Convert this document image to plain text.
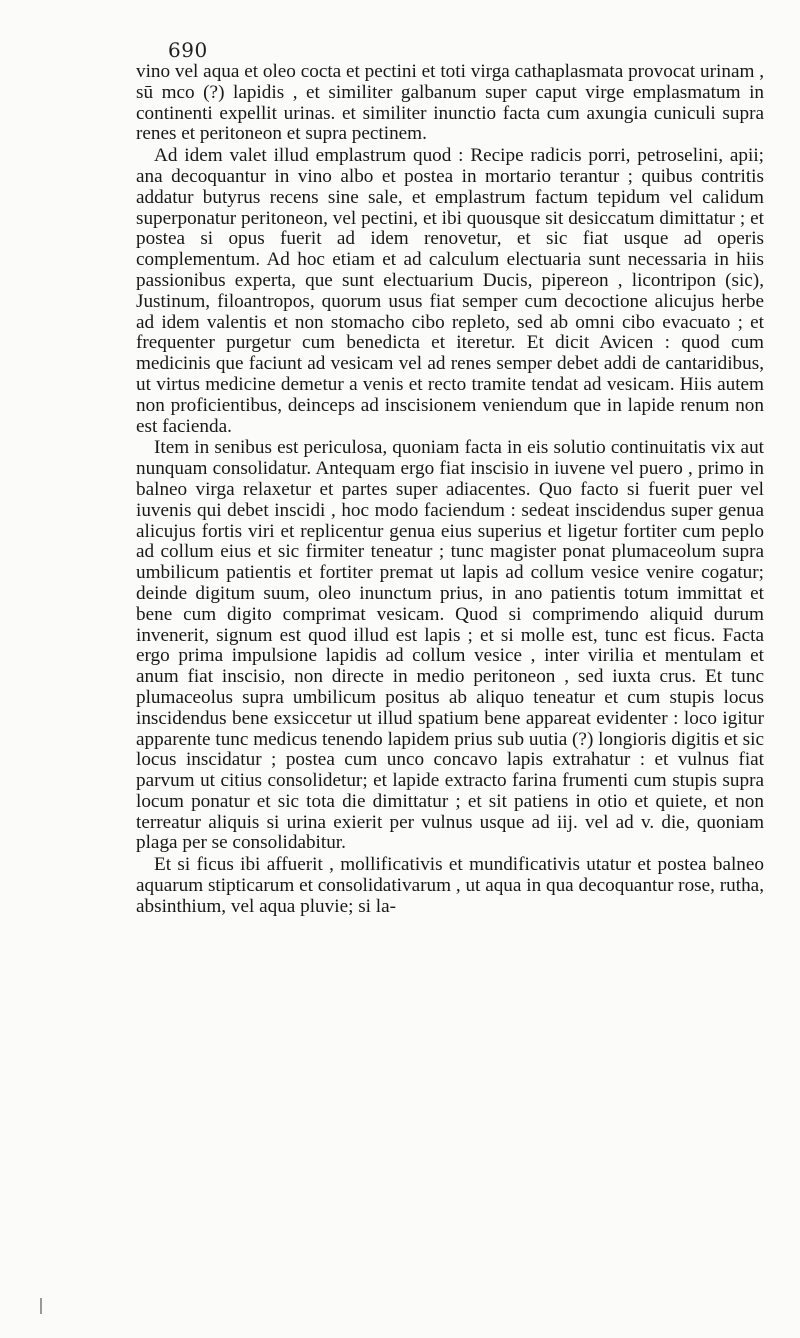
690

vino vel aqua et oleo cocta et pectini et toti virga cathaplasmata provocat urinam , sū mco (?) lapidis , et similiter galbanum super caput virge emplasmatum in continenti expellit urinas. et similiter inunctio facta cum axungia cuniculi supra renes et peritoneon et supra pectinem.

Ad idem valet illud emplastrum quod : Recipe radicis porri, petroselini, apii; ana decoquantur in vino albo et postea in mortario terantur ; quibus contritis addatur butyrus recens sine sale, et emplastrum factum tepidum vel calidum superponatur peritoneon, vel pectini, et ibi quousque sit desiccatum dimittatur ; et postea si opus fuerit ad idem renovetur, et sic fiat usque ad operis complementum. Ad hoc etiam et ad calculum electuaria sunt necessaria in hiis passionibus experta, que sunt electuarium Ducis, pipereon , licontripon (sic), Justinum, filoantropos, quorum usus fiat semper cum decoctione alicujus herbe ad idem valentis et non stomacho cibo repleto, sed ab omni cibo evacuato ; et frequenter purgetur cum benedicta et iteretur. Et dicit Avicen : quod cum medicinis que faciunt ad vesicam vel ad renes semper debet addi de cantaridibus, ut virtus medicine demetur a venis et recto tramite tendat ad vesicam. Hiis autem non proficientibus, deinceps ad inscisionem veniendum que in lapide renum non est facienda.

Item in senibus est periculosa, quoniam facta in eis solutio continuitatis vix aut nunquam consolidatur. Antequam ergo fiat inscisio in iuvene vel puero , primo in balneo virga relaxetur et partes super adiacentes. Quo facto si fuerit puer vel iuvenis qui debet inscidi , hoc modo faciendum : sedeat inscidendus super genua alicujus fortis viri et replicentur genua eius superius et ligetur fortiter cum peplo ad collum eius et sic firmiter teneatur ; tunc magister ponat plumaceolum supra umbilicum patientis et fortiter premat ut lapis ad collum vesice venire cogatur; deinde digitum suum, oleo inunctum prius, in ano patientis totum immittat et bene cum digito comprimat vesicam. Quod si comprimendo aliquid durum invenerit, signum est quod illud est lapis ; et si molle est, tunc est ficus. Facta ergo prima impulsione lapidis ad collum vesice , inter virilia et mentulam et anum fiat inscisio, non directe in medio peritoneon , sed iuxta crus. Et tunc plumaceolus supra umbilicum positus ab aliquo teneatur et cum stupis locus inscidendus bene exsiccetur ut illud spatium bene appareat evidenter : loco igitur apparente tunc medicus tenendo lapidem prius sub uutia (?) longioris digitis et sic locus inscidatur ; postea cum unco concavo lapis extrahatur : et vulnus fiat parvum ut citius consolidetur; et lapide extracto farina frumenti cum stupis supra locum ponatur et sic tota die dimittatur ; et sit patiens in otio et quiete, et non terreatur aliquis si urina exierit per vulnus usque ad iij. vel ad v. die, quoniam plaga per se consolidabitur.

Et si ficus ibi affuerit , mollificativis et mundificativis utatur et postea balneo aquarum stipticarum et consolidativarum , ut aqua in qua decoquantur rose, rutha, absinthium, vel aqua pluvie; si la-
